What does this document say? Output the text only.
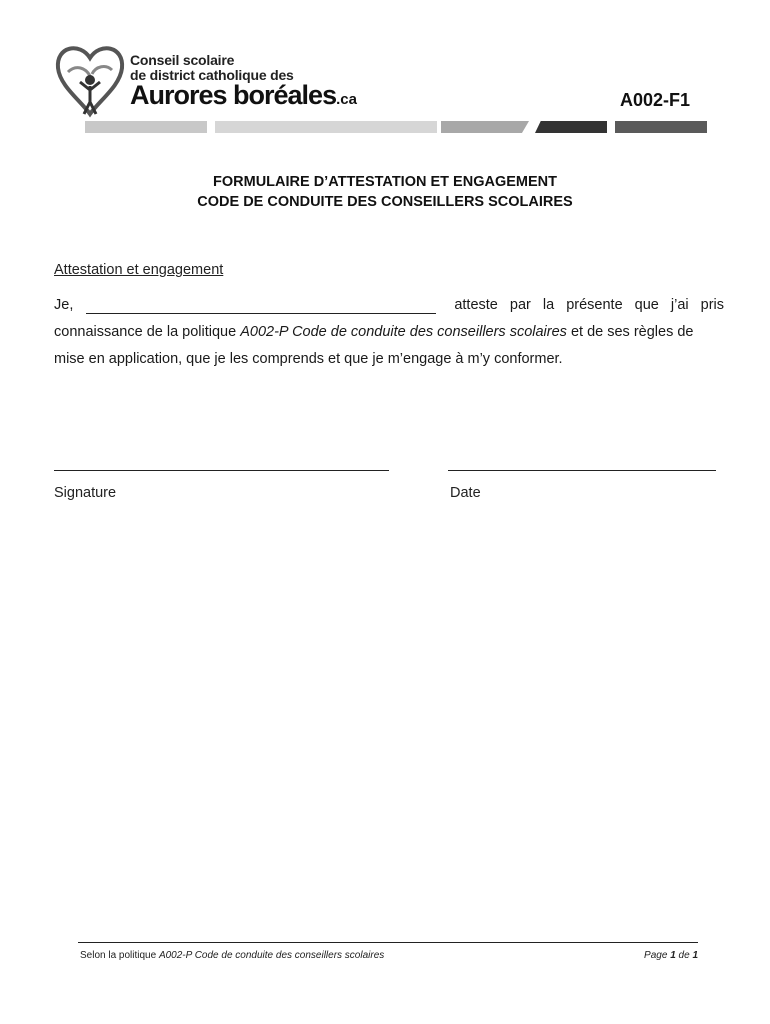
Conseil scolaire
de district catholique des
Aurores boréales.ca	A002-F1
FORMULAIRE D’ATTESTATION ET ENGAGEMENT
CODE DE CONDUITE DES CONSEILLERS SCOLAIRES
Attestation et engagement
Je,	atteste par la présente que j’ai pris
connaissance de la politique A002-P Code de conduite des conseillers scolaires et de ses règles de
mise en application, que je les comprends et que je m’engage à m’y conformer.
Signature	Date
Selon la politique A002-P Code de conduite des conseillers scolaires	Page 1 de 1
